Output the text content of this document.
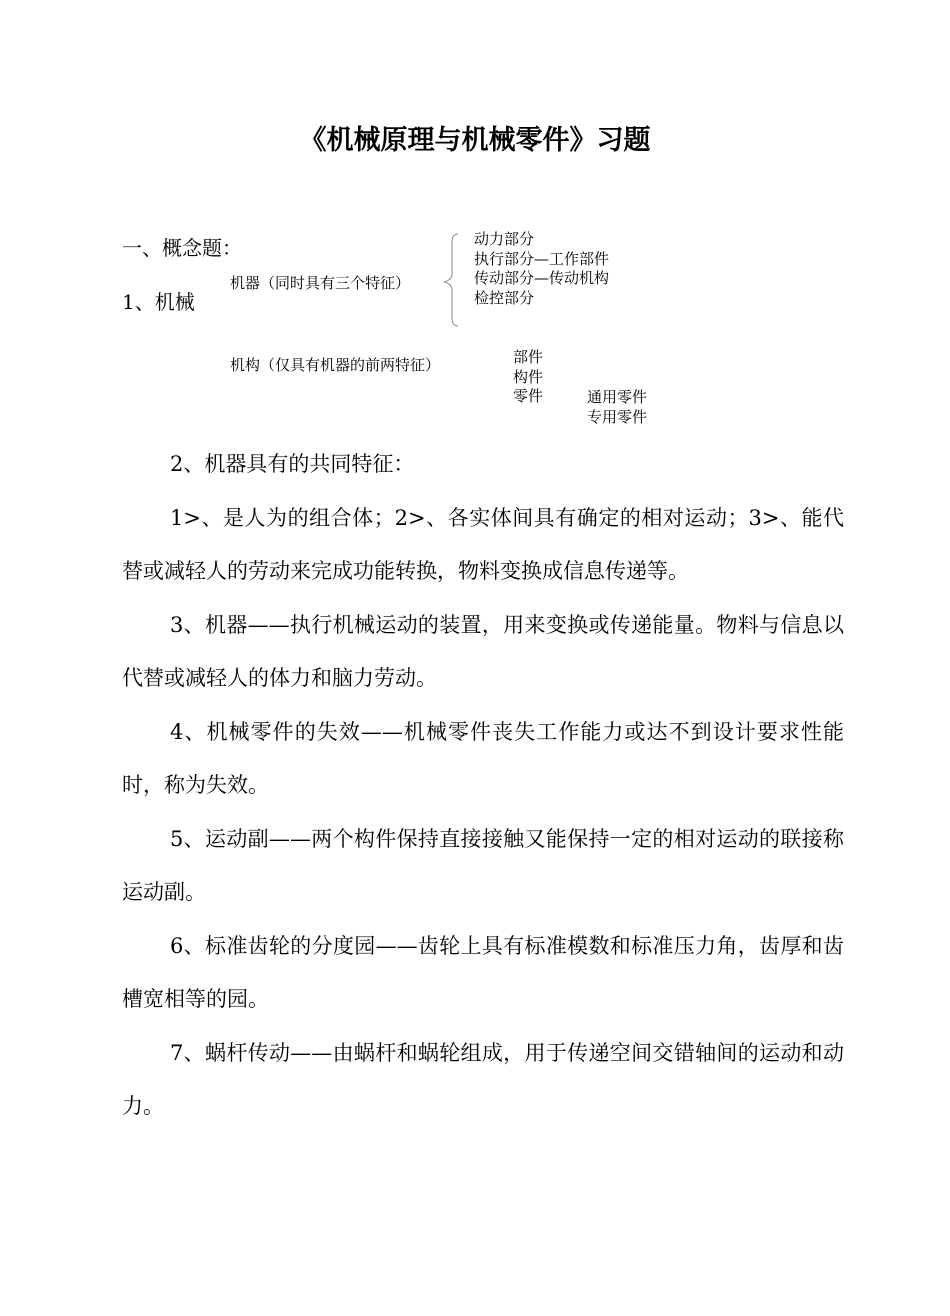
《机械原理与机械零件》习题
一、概念题：
1、机械
机器（同时具有三个特征）
动力部分
执行部分—工作部件
传动部分—传动机构
检控部分
机构（仅具有机器的前两特征）	部件
构件
零件	通用零件
专用零件

2、机器具有的共同特征：

1>、是人为的组合体；2>、各实体间具有确定的相对运动；3>、能代替或减轻人的劳动来完成功能转换，物料变换成信息传递等。

3、机器——执行机械运动的装置，用来变换或传递能量。物料与信息以代替或减轻人的体力和脑力劳动。

4、机械零件的失效——机械零件丧失工作能力或达不到设计要求性能时，称为失效。

5、运动副——两个构件保持直接接触又能保持一定的相对运动的联接称运动副。

6、标准齿轮的分度园——齿轮上具有标准模数和标准压力角，齿厚和齿槽宽相等的园。

7、蜗杆传动——由蜗杆和蜗轮组成，用于传递空间交错轴间的运动和动力。
